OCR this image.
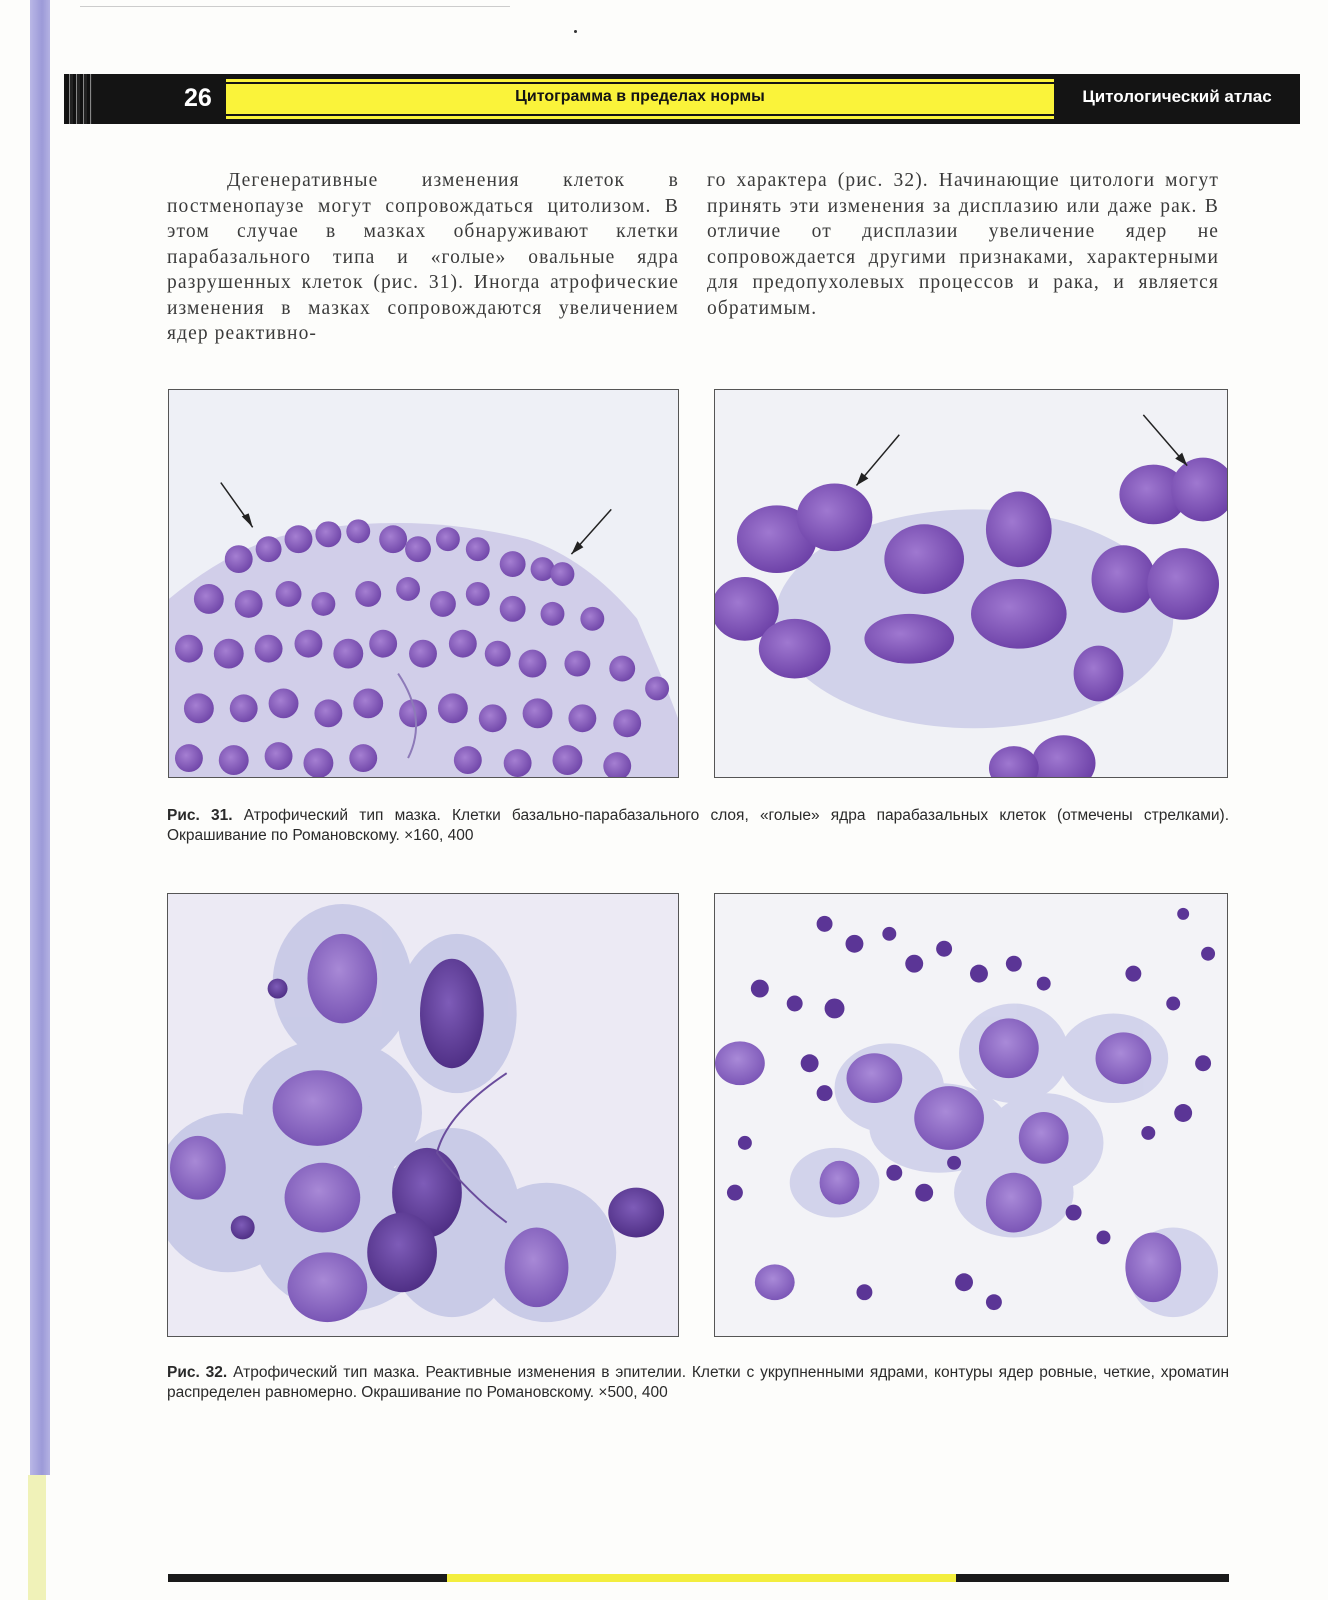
26	Цитограмма в пределах нормы	Цитологический атлас

Дегенеративные изменения клеток в постменопаузе могут сопровождаться цитолизом. В этом случае в мазках обнаруживают клетки парабазального типа и «голые» овальные ядра разрушенных клеток (рис. 31). Иногда атрофические изменения в мазках сопровождаются увеличением ядер реактивно-

го характера (рис. 32). Начинающие цитологи могут принять эти изменения за дисплазию или даже рак. В отличие от дисплазии увеличение ядер не сопровождается другими признаками, характерными для предопухолевых процессов и рака, и является обратимым.

Рис. 31. Атрофический тип мазка. Клетки базально-парабазального слоя, «голые» ядра парабазальных клеток (отмечены стрелками). Окрашивание по Романовскому. ×160, 400

Рис. 32. Атрофический тип мазка. Реактивные изменения в эпителии. Клетки с укрупненными ядрами, контуры ядер ровные, четкие, хроматин распределен равномерно. Окрашивание по Романовскому. ×500, 400
